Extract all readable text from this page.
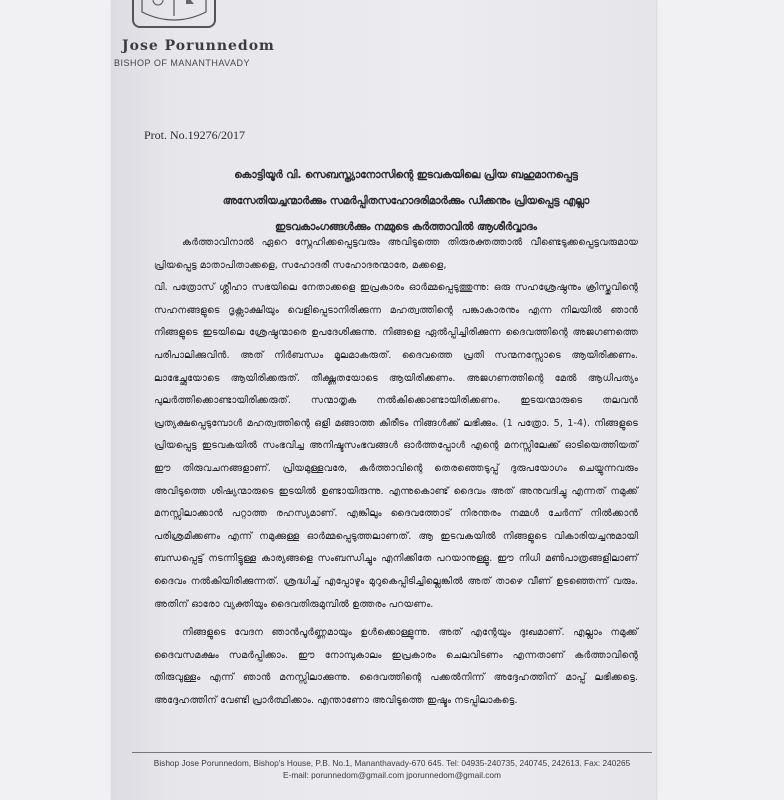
Jose Porunnedom
BISHOP OF MANANTHAVADY
Prot. No.19276/2017
കൊട്ടിയൂർ വി. സെബസ്ത്യാനോസിന്റെ ഇടവകയിലെ പ്രിയ ബഹുമാനപ്പെട്ട
അസേതിയച്ചന്മാർക്കും സമർപ്പിതസഹോദരിമാർക്കും ഡീക്കനും പ്രിയപ്പെട്ട എല്ലാ
ഇടവകാംഗങ്ങൾക്കും നമ്മുടെ കർത്താവിൽ ആശീർവ്വാദം

കർത്താവിനാൽ ഏറെ സ്നേഹിക്കപ്പെട്ടവരും അവിടുത്തെ തിരുരക്തത്താൽ വീണ്ടെടുക്കപ്പെട്ടവരുമായ പ്രിയപ്പെട്ട മാതാപിതാക്കളെ, സഹോദരീ സഹോദരന്മാരേ, മക്കളെ,

വി. പത്രോസ് ശ്ലീഹാ സഭയിലെ നേതാക്കളെ ഇപ്രകാരം ഓർമ്മപ്പെടുത്തുന്നു: ഒരു സഹശ്രേഷ്ഠനും ക്രിസ്തുവിന്റെ സഹനങ്ങളുടെ ദൃക്സാക്ഷിയും വെളിപ്പെടാനിരിക്കുന്ന മഹത്വത്തിന്റെ പങ്കാകാരനും എന്ന നിലയിൽ ഞാൻ നിങ്ങളുടെ ഇടയിലെ ശ്രേഷ്ഠന്മാരെ ഉപദേശിക്കുന്നു. നിങ്ങളെ ഏൽപ്പിച്ചിരിക്കുന്ന ദൈവത്തിന്റെ അജഗണത്തെ പരിപാലിക്കുവിൻ. അത് നിർബന്ധം മൂലമാകരുത്. ദൈവത്തെ പ്രതി സന്മനസ്സോടെ ആയിരിക്കണം. ലാഭേച്ഛയോടെ ആയിരിക്കരുത്. തീക്ഷ്ണതയോടെ ആയിരിക്കണം. അജഗണത്തിന്റെ മേൽ ആധിപത്യം പുലർത്തിക്കൊണ്ടായിരിക്കരുത്. സന്മാതൃക നൽകിക്കൊണ്ടായിരിക്കണം. ഇടയന്മാരുടെ തലവൻ പ്രത്യക്ഷപ്പെടുമ്പോൾ മഹത്വത്തിന്റെ ഒളി മങ്ങാത്ത കിരീടം നിങ്ങൾക്ക് ലഭിക്കും. (1 പത്രോ. 5, 1-4). നിങ്ങളുടെ പ്രിയപ്പെട്ട ഇടവകയിൽ സംഭവിച്ച അനിഷ്ടസംഭവങ്ങൾ ഓർത്തപ്പോൾ എന്റെ മനസ്സിലേക്ക് ഓടിയെത്തിയത് ഈ തിരുവചനങ്ങളാണ്. പ്രിയമുള്ളവരേ, കർത്താവിന്റെ തെരഞ്ഞെടുപ്പ് ദുരുപയോഗം ചെയ്യുന്നവരും അവിടുത്തെ ശിഷ്യന്മാരുടെ ഇടയിൽ ഉണ്ടായിരുന്നു. എന്നുകൊണ്ട് ദൈവം അത് അനുവദിച്ചു എന്നത് നമുക്ക് മനസ്സിലാക്കാൻ പറ്റാത്ത രഹസ്യമാണ്. എങ്കിലും ദൈവത്തോട് നിരന്തരം നമ്മൾ ചേർന്ന് നിൽക്കാൻ പരിശ്രമിക്കണം എന്ന് നമുക്കുള്ള ഓർമ്മപ്പെടുത്തലാണത്. ആ ഇടവകയിൽ നിങ്ങളുടെ വികാരിയച്ചനുമായി ബന്ധപ്പെട്ട് നടന്നിട്ടുള്ള കാര്യങ്ങളെ സംബന്ധിച്ചും എനിക്കിതേ പറയാനുള്ളൂ. ഈ നിധി മൺപാത്രങ്ങളിലാണ് ദൈവം നൽകിയിരിക്കുന്നത്. ശ്രദ്ധിച്ച് എപ്പോഴും മുറുകെപ്പിടിച്ചില്ലെങ്കിൽ അത് താഴെ വീണ് ഉടഞ്ഞെന്ന് വരും. അതിന് ഓരോ വ്യക്തിയും ദൈവതിരുമുമ്പിൽ ഉത്തരം പറയണം.

നിങ്ങളുടെ വേദന ഞാൻപൂർണ്ണമായും ഉൾക്കൊള്ളുന്നു. അത് എന്റേയും ദുഃഖമാണ്. എല്ലാം നമുക്ക് ദൈവസമക്ഷം സമർപ്പിക്കാം. ഈ നോമ്പുകാലം ഇപ്രകാരം ചെലവിടണം എന്നതാണ് കർത്താവിന്റെ തിരുവുള്ളം എന്ന് ഞാൻ മനസ്സിലാക്കുന്നു. ദൈവത്തിന്റെ പക്കൽനിന്ന് അദ്ദേഹത്തിന് മാപ്പ് ലഭിക്കട്ടെ. അദ്ദേഹത്തിന് വേണ്ടി പ്രാർത്ഥിക്കാം. എന്താണോ അവിടുത്തെ ഇഷ്ടം നടപ്പിലാകട്ടെ.

Bishop Jose Porunnedom, Bishop's House, P.B. No.1, Mananthavady-670 645. Tel: 04935-240735, 240745, 242613. Fax: 240265
E-mail: porunnedom@gmail.com jporunnedom@gmail.com
